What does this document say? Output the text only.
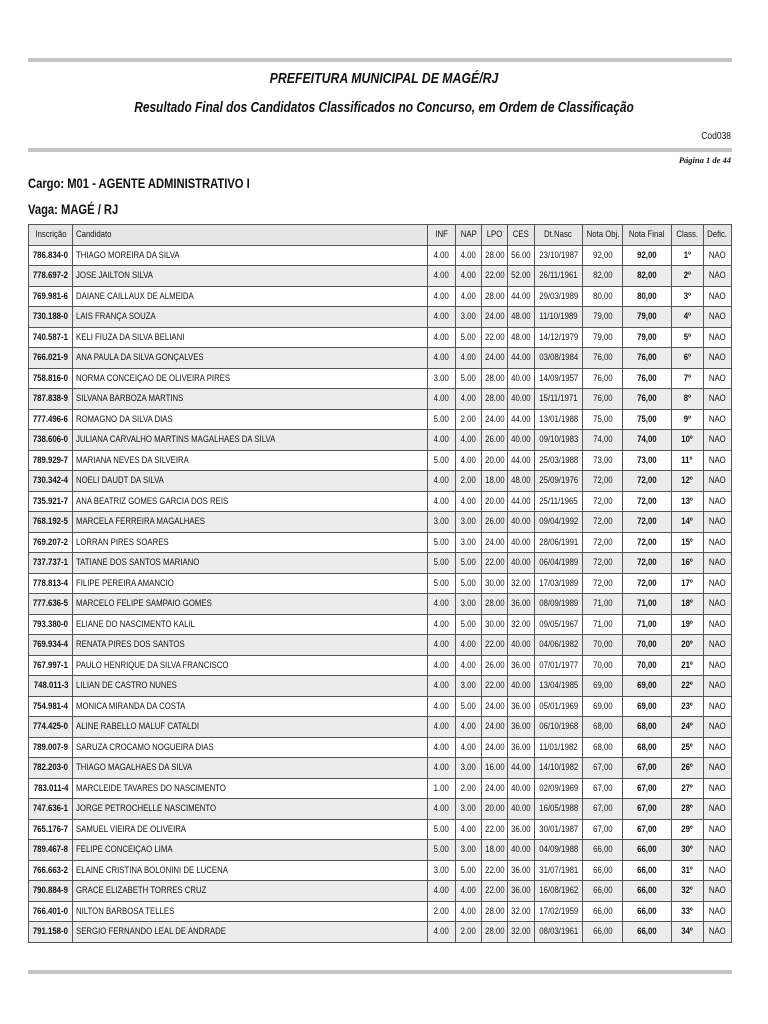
PREFEITURA MUNICIPAL DE MAGÉ/RJ
Resultado Final dos Candidatos Classificados no Concurso, em Ordem de Classificação
Cod038
Página 1 de 44
Cargo: M01 - AGENTE ADMINISTRATIVO I
Vaga: MAGÉ / RJ
Inscrição	Candidato	INF	NAP	LPO	CES	Dt.Nasc	Nota Obj.	Nota Final	Class.	Defic.
786.834-0	THIAGO MOREIRA DA SILVA	4.00	4.00	28.00	56.00	23/10/1987	92,00	92,00	1º	NAO
778.697-2	JOSE JAILTON SILVA	4.00	4.00	22.00	52.00	26/11/1961	82,00	82,00	2º	NAO
769.981-6	DAIANE CAILLAUX DE ALMEIDA	4.00	4.00	28.00	44.00	29/03/1989	80,00	80,00	3º	NAO
730.188-0	LAIS FRANÇA SOUZA	4.00	3.00	24.00	48.00	11/10/1989	79,00	79,00	4º	NAO
740.587-1	KELI FIUZA DA SILVA BELIANI	4.00	5.00	22.00	48.00	14/12/1979	79,00	79,00	5º	NAO
766.021-9	ANA PAULA DA SILVA GONÇALVES	4.00	4.00	24.00	44.00	03/08/1984	76,00	76,00	6º	NAO
758.816-0	NORMA CONCEIÇAO DE OLIVEIRA PIRES	3.00	5.00	28.00	40.00	14/09/1957	76,00	76,00	7º	NAO
787.838-9	SILVANA BARBOZA MARTINS	4.00	4.00	28.00	40.00	15/11/1971	76,00	76,00	8º	NAO
777.496-6	ROMAGNO DA SILVA DIAS	5.00	2.00	24.00	44.00	13/01/1988	75,00	75,00	9º	NAO
738.606-0	JULIANA CARVALHO MARTINS MAGALHAES DA SILVA	4.00	4.00	26.00	40.00	09/10/1983	74,00	74,00	10º	NAO
789.929-7	MARIANA NEVES DA SILVEIRA	5.00	4.00	20.00	44.00	25/03/1988	73,00	73,00	11º	NAO
730.342-4	NOELI DAUDT DA SILVA	4.00	2.00	18.00	48.00	25/09/1976	72,00	72,00	12º	NAO
735.921-7	ANA BEATRIZ GOMES GARCIA DOS REIS	4.00	4.00	20.00	44.00	25/11/1965	72,00	72,00	13º	NAO
768.192-5	MARCELA FERREIRA MAGALHAES	3.00	3.00	26.00	40.00	09/04/1992	72,00	72,00	14º	NAO
769.207-2	LORRAN PIRES SOARES	5.00	3.00	24.00	40.00	28/06/1991	72,00	72,00	15º	NAO
737.737-1	TATIANE DOS SANTOS MARIANO	5.00	5.00	22.00	40.00	06/04/1989	72,00	72,00	16º	NAO
778.813-4	FILIPE PEREIRA AMANCIO	5.00	5.00	30.00	32.00	17/03/1989	72,00	72,00	17º	NAO
777.636-5	MARCELO FELIPE SAMPAIO GOMES	4.00	3.00	28.00	36.00	08/09/1989	71,00	71,00	18º	NAO
793.380-0	ELIANE DO NASCIMENTO KALIL	4.00	5.00	30.00	32.00	09/05/1967	71,00	71,00	19º	NAO
769.934-4	RENATA PIRES DOS SANTOS	4.00	4.00	22.00	40.00	04/06/1982	70,00	70,00	20º	NAO
767.997-1	PAULO HENRIQUE DA SILVA FRANCISCO	4.00	4.00	26.00	36.00	07/01/1977	70,00	70,00	21º	NAO
748.011-3	LILIAN DE CASTRO NUNES	4.00	3.00	22.00	40.00	13/04/1985	69,00	69,00	22º	NAO
754.981-4	MONICA MIRANDA DA COSTA	4.00	5.00	24.00	36.00	05/01/1969	69,00	69,00	23º	NAO
774.425-0	ALINE RABELLO MALUF CATALDI	4.00	4.00	24.00	36.00	06/10/1968	68,00	68,00	24º	NAO
789.007-9	SARUZA CROCAMO NOGUEIRA DIAS	4.00	4.00	24.00	36.00	11/01/1982	68,00	68,00	25º	NAO
782.203-0	THIAGO MAGALHAES DA SILVA	4.00	3.00	16.00	44.00	14/10/1982	67,00	67,00	26º	NAO
783.011-4	MARCLEIDE TAVARES DO NASCIMENTO	1.00	2.00	24.00	40.00	02/09/1969	67,00	67,00	27º	NAO
747.636-1	JORGE PETROCHELLE NASCIMENTO	4.00	3.00	20.00	40.00	16/05/1988	67,00	67,00	28º	NAO
765.176-7	SAMUEL VIEIRA DE OLIVEIRA	5.00	4.00	22.00	36.00	30/01/1987	67,00	67,00	29º	NAO
789.467-8	FELIPE CONCEIÇAO LIMA	5.00	3.00	18.00	40.00	04/09/1988	66,00	66,00	30º	NAO
766.663-2	ELAINE CRISTINA BOLONINI DE LUCENA	3.00	5.00	22.00	36.00	31/07/1981	66,00	66,00	31º	NAO
790.884-9	GRACE ELIZABETH TORRES CRUZ	4.00	4.00	22.00	36.00	16/08/1962	66,00	66,00	32º	NAO
766.401-0	NILTON BARBOSA TELLES	2.00	4.00	28.00	32.00	17/02/1959	66,00	66,00	33º	NAO
791.158-0	SERGIO FERNANDO LEAL DE ANDRADE	4.00	2.00	28.00	32.00	08/03/1961	66,00	66,00	34º	NAO
